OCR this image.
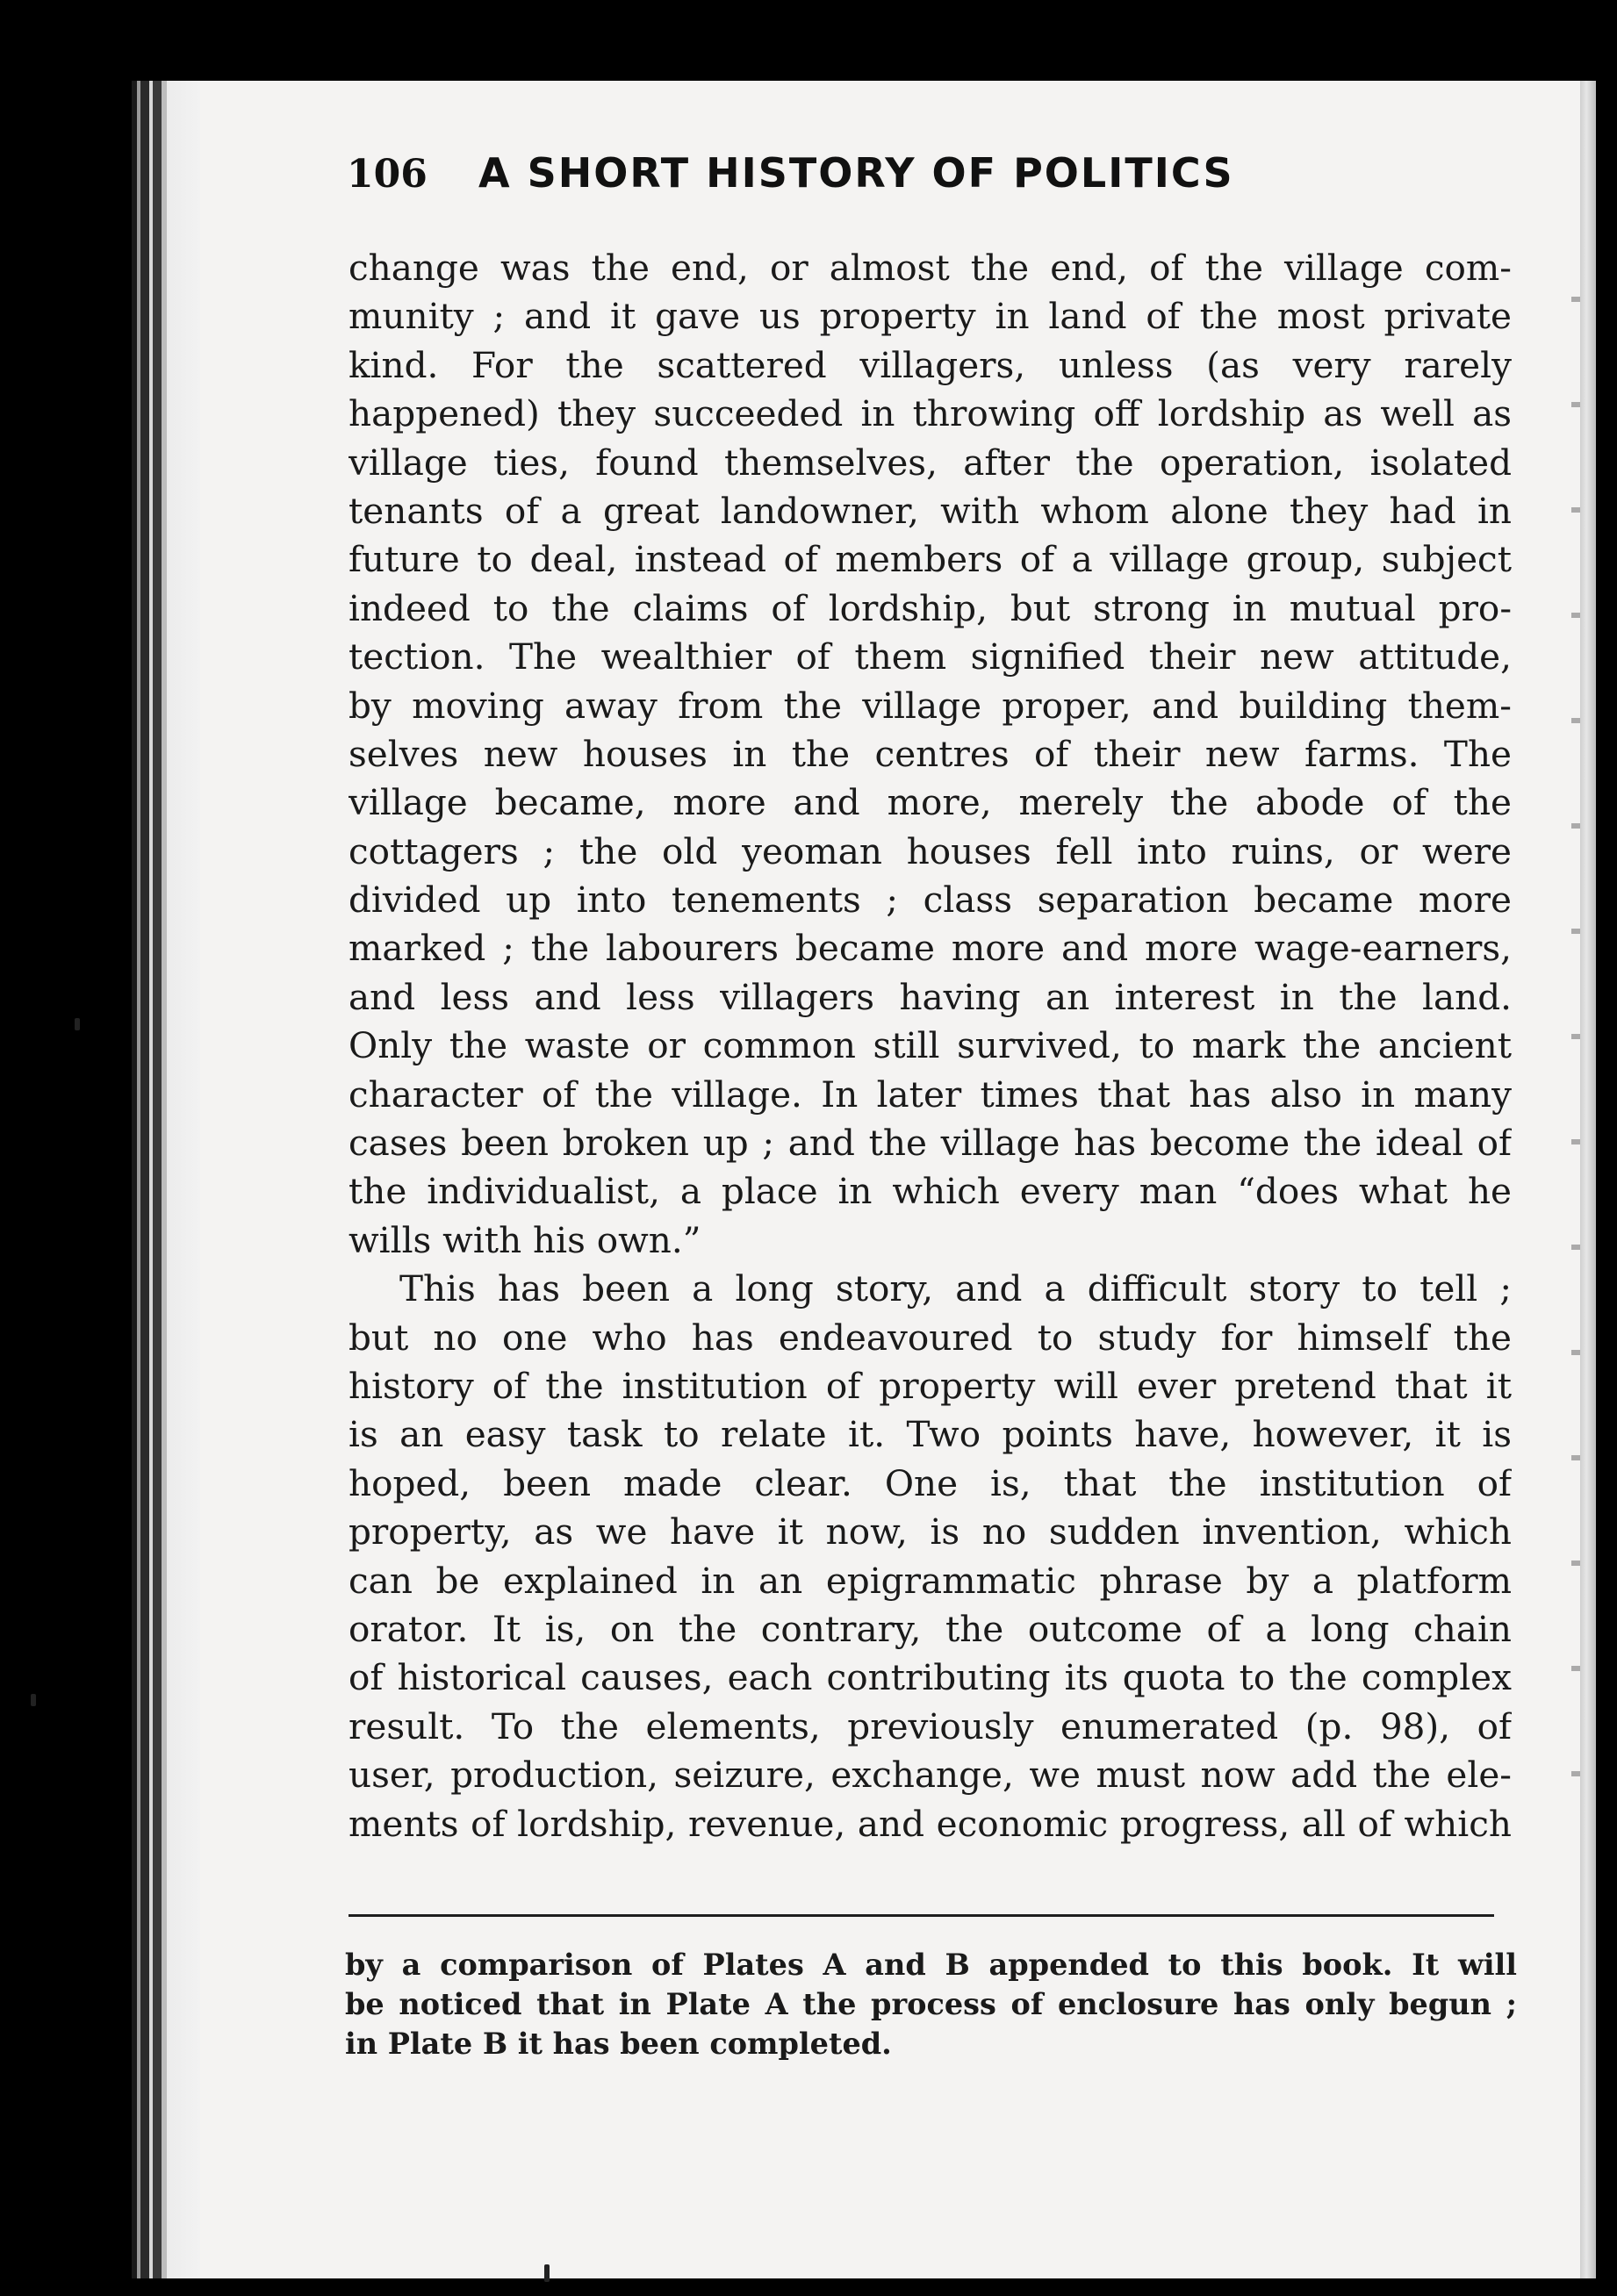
106	A SHORT HISTORY OF POLITICS
change was the end, or almost the end, of the village com-
munity ; and it gave us property in land of the most private
kind. For the scattered villagers, unless (as very rarely
happened) they succeeded in throwing off lordship as well as
village ties, found themselves, after the operation, isolated
tenants of a great landowner, with whom alone they had in
future to deal, instead of members of a village group, subject
indeed to the claims of lordship, but strong in mutual pro-
tection. The wealthier of them signified their new attitude,
by moving away from the village proper, and building them-
selves new houses in the centres of their new farms. The
village became, more and more, merely the abode of the
cottagers ; the old yeoman houses fell into ruins, or were
divided up into tenements ; class separation became more
marked ; the labourers became more and more wage-earners,
and less and less villagers having an interest in the land.
Only the waste or common still survived, to mark the ancient
character of the village. In later times that has also in many
cases been broken up ; and the village has become the ideal of
the individualist, a place in which every man “does what he
wills with his own.”
This has been a long story, and a difficult story to tell ;
but no one who has endeavoured to study for himself the
history of the institution of property will ever pretend that it
is an easy task to relate it. Two points have, however, it is
hoped, been made clear. One is, that the institution of
property, as we have it now, is no sudden invention, which
can be explained in an epigrammatic phrase by a platform
orator. It is, on the contrary, the outcome of a long chain
of historical causes, each contributing its quota to the complex
result. To the elements, previously enumerated (p. 98), of
user, production, seizure, exchange, we must now add the ele-
ments of lordship, revenue, and economic progress, all of which
by a comparison of Plates A and B appended to this book. It will
be noticed that in Plate A the process of enclosure has only begun ;
in Plate B it has been completed.
